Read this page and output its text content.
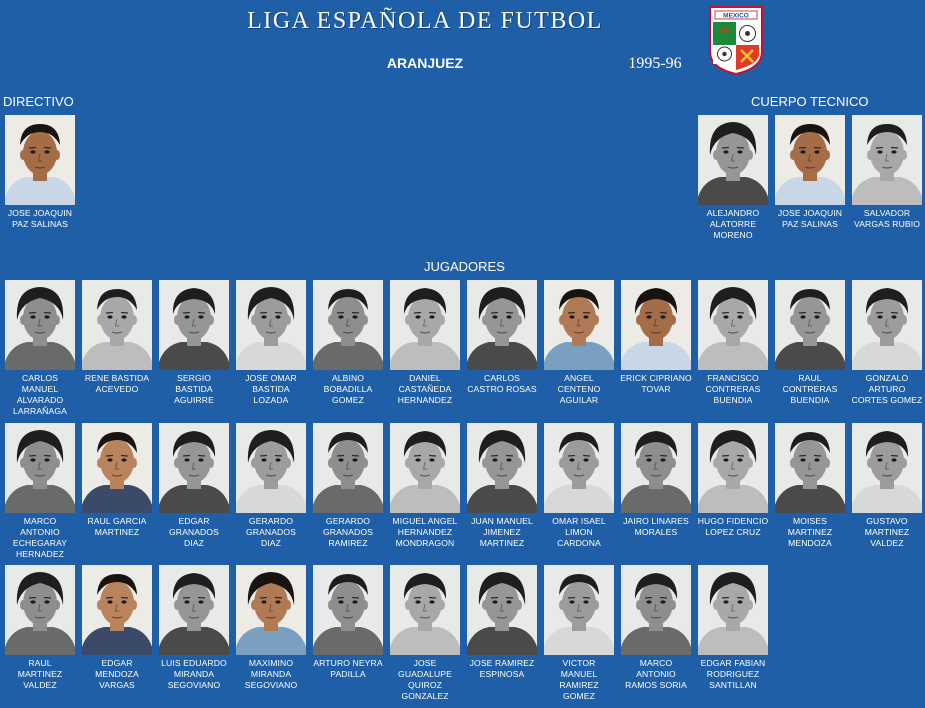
LIGA ESPAÑOLA DE FUTBOL
ARANJUEZ	1995-96
MEXICO
DIRECTIVO	CUERPO TECNICO
JUGADORES
JOSE JOAQUIN
PAZ SALINAS
ALEJANDRO
ALATORRE
MORENO
JOSE JOAQUIN
PAZ SALINAS
SALVADOR
VARGAS RUBIO
CARLOS
MANUEL
ALVARADO
LARRAÑAGA
RENE BASTIDA
ACEVEDO
SERGIO
BASTIDA
AGUIRRE
JOSE OMAR
BASTIDA
LOZADA
ALBINO
BOBADILLA
GOMEZ
DANIEL
CASTAÑEDA
HERNANDEZ
CARLOS
CASTRO ROSAS
ANGEL
CENTENO
AGUILAR
ERICK CIPRIANO
TOVAR
FRANCISCO
CONTRERAS
BUENDIA
RAUL
CONTRERAS
BUENDIA
GONZALO
ARTURO
CORTES GOMEZ
MARCO
ANTONIO
ECHEGARAY
HERNADEZ
RAUL GARCIA
MARTINEZ
EDGAR
GRANADOS
DIAZ
GERARDO
GRANADOS
DIAZ
GERARDO
GRANADOS
RAMIREZ
MIGUEL ANGEL
HERNANDEZ
MONDRAGON
JUAN MANUEL
JIMENEZ
MARTINEZ
OMAR ISAEL
LIMON
CARDONA
JAIRO LINARES
MORALES
HUGO FIDENCIO
LOPEZ CRUZ
MOISES
MARTINEZ
MENDOZA
GUSTAVO
MARTINEZ
VALDEZ
RAUL
MARTINEZ
VALDEZ
EDGAR
MENDOZA
VARGAS
LUIS EDUARDO
MIRANDA
SEGOVIANO
MAXIMINO
MIRANDA
SEGOVIANO
ARTURO NEYRA
PADILLA
JOSE
GUADALUPE
QUIROZ
GONZALEZ
JOSE RAMIREZ
ESPINOSA
VICTOR
MANUEL
RAMIREZ
GOMEZ
MARCO
ANTONIO
RAMOS SORIA
EDGAR FABIAN
RODRIGUEZ
SANTILLAN
